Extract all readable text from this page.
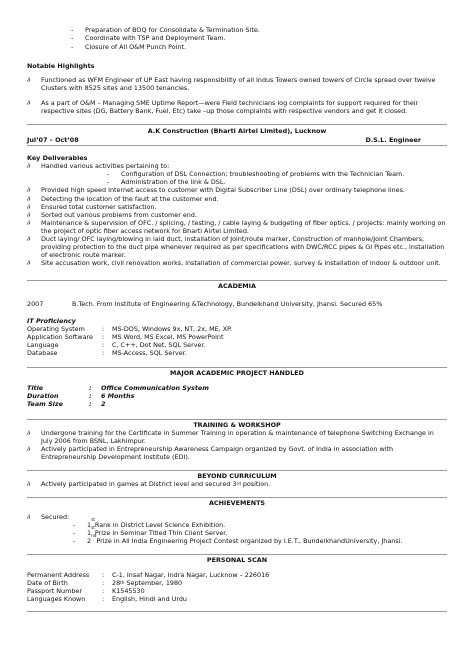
-	Preparation of BOQ for Consolidate & Termination Site.
-	Coordinate with TSP and Deployment Team.
-	Closure of All O&M Punch Point.
Notable Highlights
∂	Functioned as WFM Engineer of UP East having responsibility of all Indus Towers owned towers of Circle spread over twelve Clusters with 8525 sites and 13500 tenancies.
∂	As a part of O&M – Managing SME Uptime Report—were Field technicians log complaints for support required for their respective sites (DG, Battery Bank, Fuel, Etc) take –up those complaints with respective vendors and get it closed.
A.K Construction (Bharti Airtel Limited), Lucknow
Jul’07 – Oct’08	D.S.L. Engineer
Key Deliverables
∂	Handled various activities pertaining to:
-	Configuration of DSL Connection; troubleshooting of problems with the Technician Team.
-	Administration of the link & DSL.
∂	Provided high speed Internet access to customer with Digital Subscriber Line (DSL) over ordinary telephone lines.
∂	Detecting the location of the fault at the customer end.
∂	Ensured total customer satisfaction.
∂	Sorted out various problems from customer end.
∂	Maintenance & supervision of OFC. / splicing, / testing, / cable laying & budgeting of fiber optics. / projects: mainly working on the project of optic fiber access network for Bharti Airtel Limited.
∂	Duct laying/ OFC laying/blowing in laid duct, installation of Joint/route marker, Construction of manhole/Joint Chambers, providing protection to the duct pipe whenever required as per specifications with DWC/RCC pipes & GI Pipes etc., installation of electronic route marker.
∂	Site accusation work, civil renovation works, installation of commercial power, survey & installation of indoor & outdoor unit.
ACADEMIA
2007	B.Tech. From Institute of Engineering &Technology, Bundelkhand University, Jhansi. Secured 65%
IT Proficiency
Operating System	:	MS-DOS, Windows 9x, NT, 2x, ME, XP.
Application Software	:	MS Word, MS Excel, MS PowerPoint
Language	:	C, C++, Dot Net, SQL Server.
Database	:	MS-Access, SQL Server.
MAJOR ACADEMIC PROJECT HANDLED
Title	:	Office Communication System
Duration	:	6 Months
Team Size	:	2
TRAINING & WORKSHOP
∂	Undergone training for the Certificate in Summer Training in operation & maintenance of telephone Switching Exchange in July 2006 from BSNL, Lakhimpur.
∂	Actively participated in Entrepreneurship Awareness Campaign organized by Govt. of India in association with Entrepreneurship Development Institute (EDI).
BEYOND CURRICULUM
∂	Actively participated in games at District level and secured 3rd position.
ACHIEVEMENTS
∂	Secured:
-	1
$^{st}$
Rank in District Level Science Exhibition.
-	1
$^{st}$
Prize in Seminar Titled Thin Client Server.
-	2
$^{nd}$
Prize in All India Engineering Project Contest organized by I.E.T., BundelkhandUniversity, Jhansi.
PERSONAL SCAN
Permanent Address	:	C-1, Insaf Nagar, Indra Nagar, Lucknow – 226016
Date of Birth	:	28th September, 1980
Passport Number	:	K1545530
Languages Known	:	English, Hindi and Urdu
